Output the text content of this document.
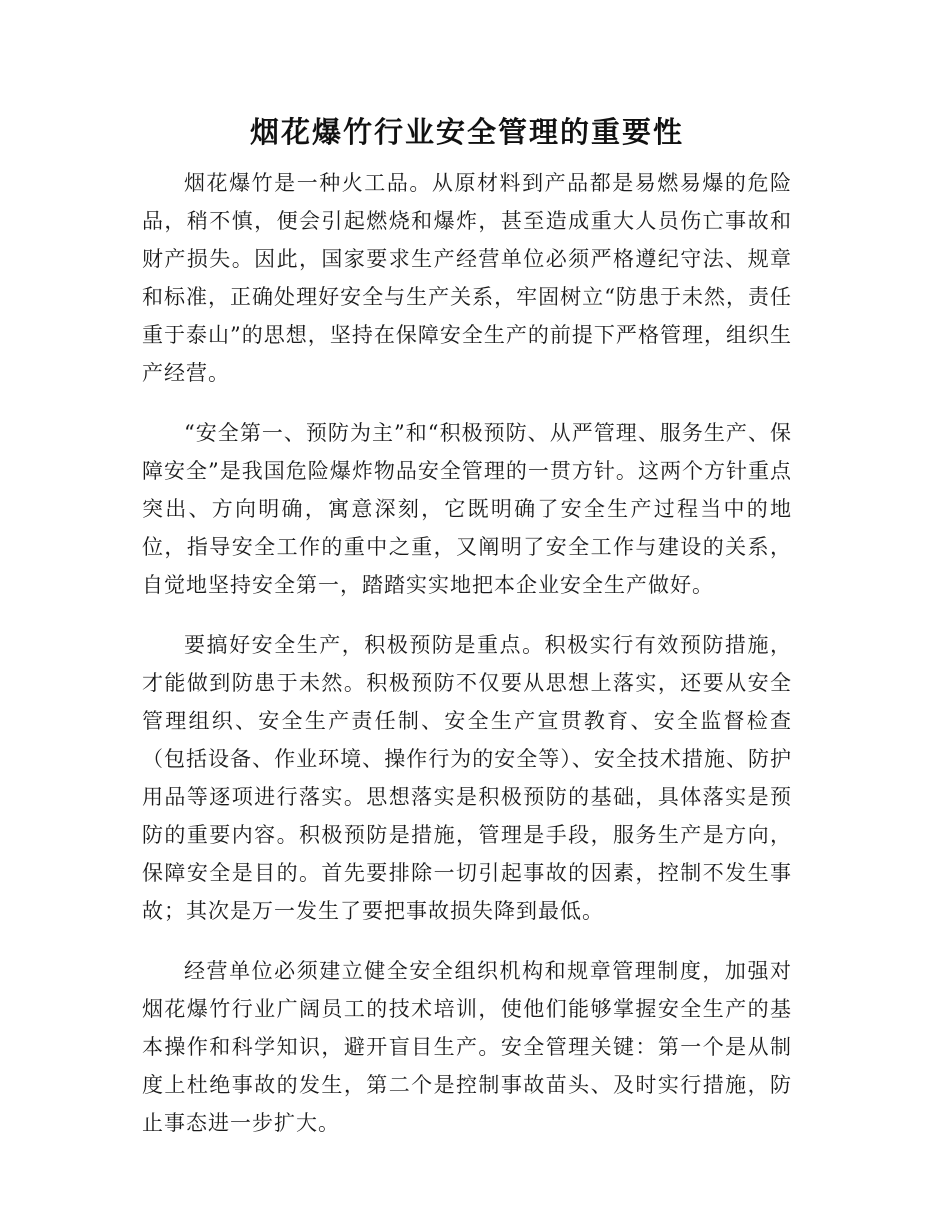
烟花爆竹行业安全管理的重要性

烟花爆竹是一种火工品。从原材料到产品都是易燃易爆的危险品，稍不慎，便会引起燃烧和爆炸，甚至造成重大人员伤亡事故和财产损失。因此，国家要求生产经营单位必须严格遵纪守法、规章和标准，正确处理好安全与生产关系，牢固树立“防患于未然，责任重于泰山”的思想，坚持在保障安全生产的前提下严格管理，组织生产经营。

“安全第一、预防为主”和“积极预防、从严管理、服务生产、保障安全”是我国危险爆炸物品安全管理的一贯方针。这两个方针重点突出、方向明确，寓意深刻，它既明确了安全生产过程当中的地位，指导安全工作的重中之重，又阐明了安全工作与建设的关系，自觉地坚持安全第一，踏踏实实地把本企业安全生产做好。

要搞好安全生产，积极预防是重点。积极实行有效预防措施，才能做到防患于未然。积极预防不仅要从思想上落实，还要从安全管理组织、安全生产责任制、安全生产宣贯教育、安全监督检查（包括设备、作业环境、操作行为的安全等）、安全技术措施、防护用品等逐项进行落实。思想落实是积极预防的基础，具体落实是预防的重要内容。积极预防是措施，管理是手段，服务生产是方向，保障安全是目的。首先要排除一切引起事故的因素，控制不发生事故；其次是万一发生了要把事故损失降到最低。

经营单位必须建立健全安全组织机构和规章管理制度，加强对烟花爆竹行业广阔员工的技术培训，使他们能够掌握安全生产的基本操作和科学知识，避开盲目生产。安全管理关键：第一个是从制度上杜绝事故的发生，第二个是控制事故苗头、及时实行措施，防止事态进一步扩大。
